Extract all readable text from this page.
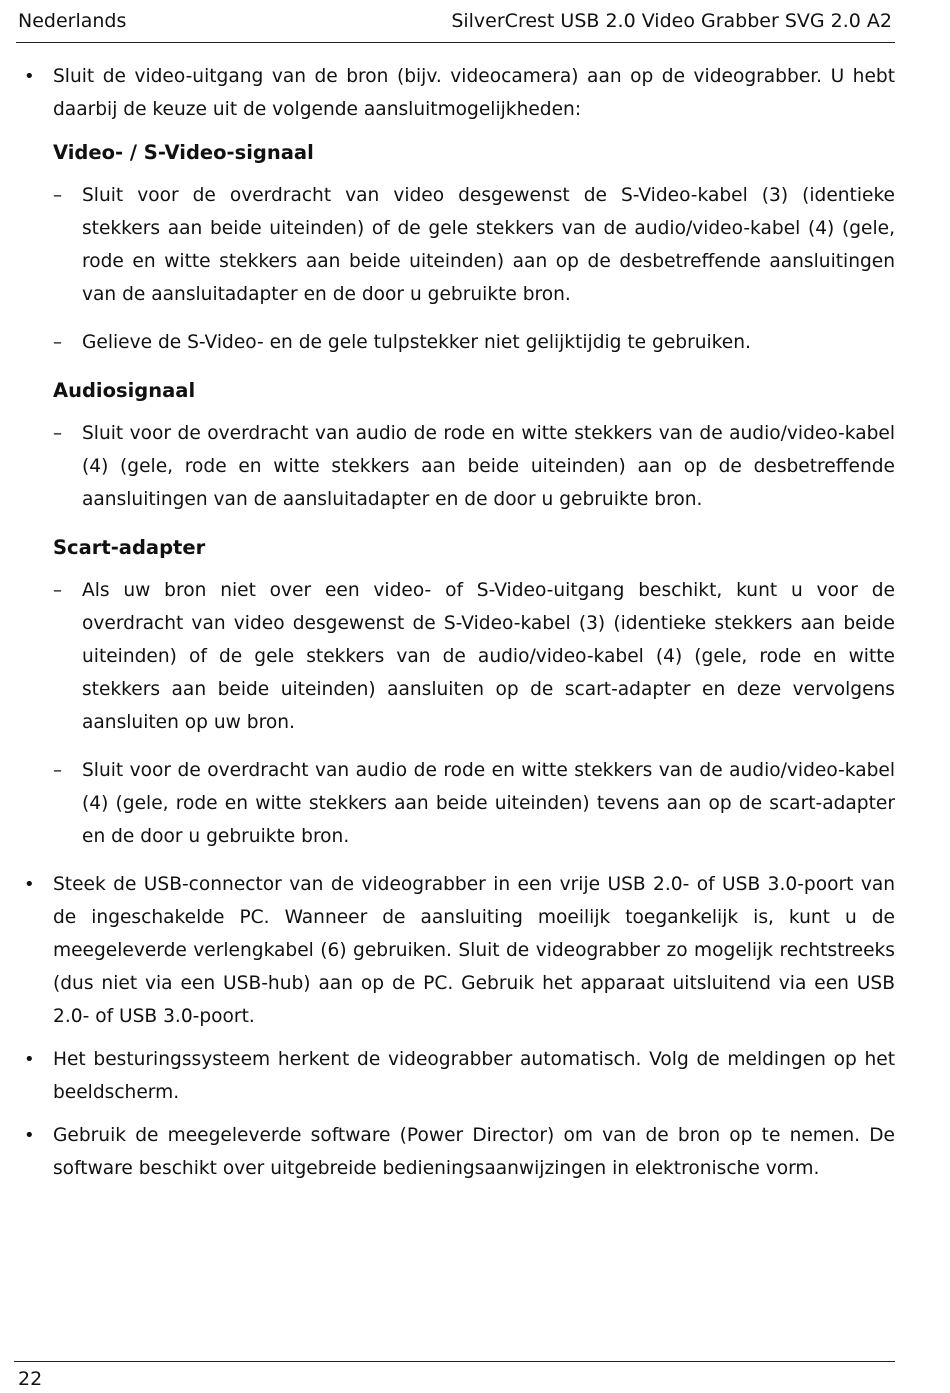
Nederlands	SilverCrest USB 2.0 Video Grabber SVG 2.0 A2
• Sluit de video-uitgang van de bron (bijv. videocamera) aan op de videograbber. U hebt daarbij de keuze uit de volgende aansluitmogelijkheden:
Video- / S-Video-signaal
–	Sluit voor de overdracht van video desgewenst de S-Video-kabel (3) (identieke stekkers aan beide uiteinden) of de gele stekkers van de audio/video-kabel (4) (gele, rode en witte stekkers aan beide uiteinden) aan op de desbetreffende aansluitingen van de aansluitadapter en de door u gebruikte bron.
–	Gelieve de S-Video- en de gele tulpstekker niet gelijktijdig te gebruiken.
Audiosignaal
–	Sluit voor de overdracht van audio de rode en witte stekkers van de audio/video-kabel (4) (gele, rode en witte stekkers aan beide uiteinden) aan op de desbetreffende aansluitingen van de aansluitadapter en de door u gebruikte bron.
Scart-adapter
–	Als uw bron niet over een video- of S-Video-uitgang beschikt, kunt u voor de overdracht van video desgewenst de S-Video-kabel (3) (identieke stekkers aan beide uiteinden) of de gele stekkers van de audio/video-kabel (4) (gele, rode en witte stekkers aan beide uiteinden) aansluiten op de scart-adapter en deze vervolgens aansluiten op uw bron.
–	Sluit voor de overdracht van audio de rode en witte stekkers van de audio/video-kabel (4) (gele, rode en witte stekkers aan beide uiteinden) tevens aan op de scart-adapter en de door u gebruikte bron.
• Steek de USB-connector van de videograbber in een vrije USB 2.0- of USB 3.0-poort van de ingeschakelde PC. Wanneer de aansluiting moeilijk toegankelijk is, kunt u de meegeleverde verlengkabel (6) gebruiken. Sluit de videograbber zo mogelijk rechtstreeks (dus niet via een USB-hub) aan op de PC. Gebruik het apparaat uitsluitend via een USB 2.0- of USB 3.0-poort.
• Het besturingssysteem herkent de videograbber automatisch. Volg de meldingen op het beeldscherm.
• Gebruik de meegeleverde software (Power Director) om van de bron op te nemen. De software beschikt over uitgebreide bedieningsaanwijzingen in elektronische vorm.
22
